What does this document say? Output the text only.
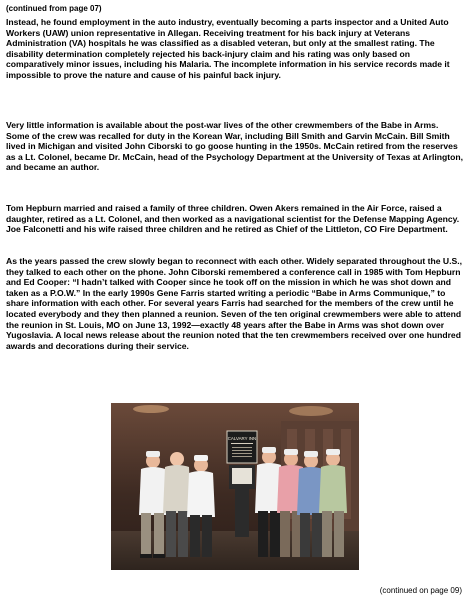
(continued from page 07)

Instead, he found employment in the auto industry, eventually becoming a parts inspector and a United Auto Workers (UAW) union representative in Allegan. Receiving treatment for his back injury at Veterans Administration (VA) hospitals he was classified as a disabled veteran, but only at the smallest rating. The disability determination completely rejected his back-injury claim and his rating was only based on comparatively minor issues, including his Malaria. The incomplete information in his service records made it impossible to prove the nature and cause of his painful back injury.

Very little information is available about the post-war lives of the other crewmembers of the Babe in Arms. Some of the crew was recalled for duty in the Korean War, including Bill Smith and Garvin McCain. Bill Smith lived in Michigan and visited John Ciborski to go goose hunting in the 1950s. McCain retired from the reserves as a Lt. Colonel, became Dr. McCain, head of the Psychology Department at the University of Texas at Arlington, and became an author.

Tom Hepburn married and raised a family of three children. Owen Akers remained in the Air Force, raised a daughter, retired as a Lt. Colonel, and then worked as a navigational scientist for the Defense Mapping Agency. Joe Falconetti and his wife raised three children and he retired as Chief of the Littleton, CO Fire Department.

As the years passed the crew slowly began to reconnect with each other. Widely separated throughout the U.S., they talked to each other on the phone. John Ciborski remembered a conference call in 1985 with Tom Hepburn and Ed Cooper: “I hadn’t talked with Cooper since he took off on the mission in which he was shot down and taken as a P.O.W.” In the early 1990s Gene Farris started writing a periodic “Babe in Arms Communique,” to share information with each other. For several years Farris had searched for the members of the crew until he located everybody and they then planned a reunion. Seven of the ten original crewmembers were able to attend the reunion in St. Louis, MO on June 13, 1992—exactly 48 years after the Babe in Arms was shot down over Yugoslavia. A local news release about the reunion noted that the ten crewmembers received over one hundred awards and decorations during their service.

CALVARY INN
(continued on page 09)
